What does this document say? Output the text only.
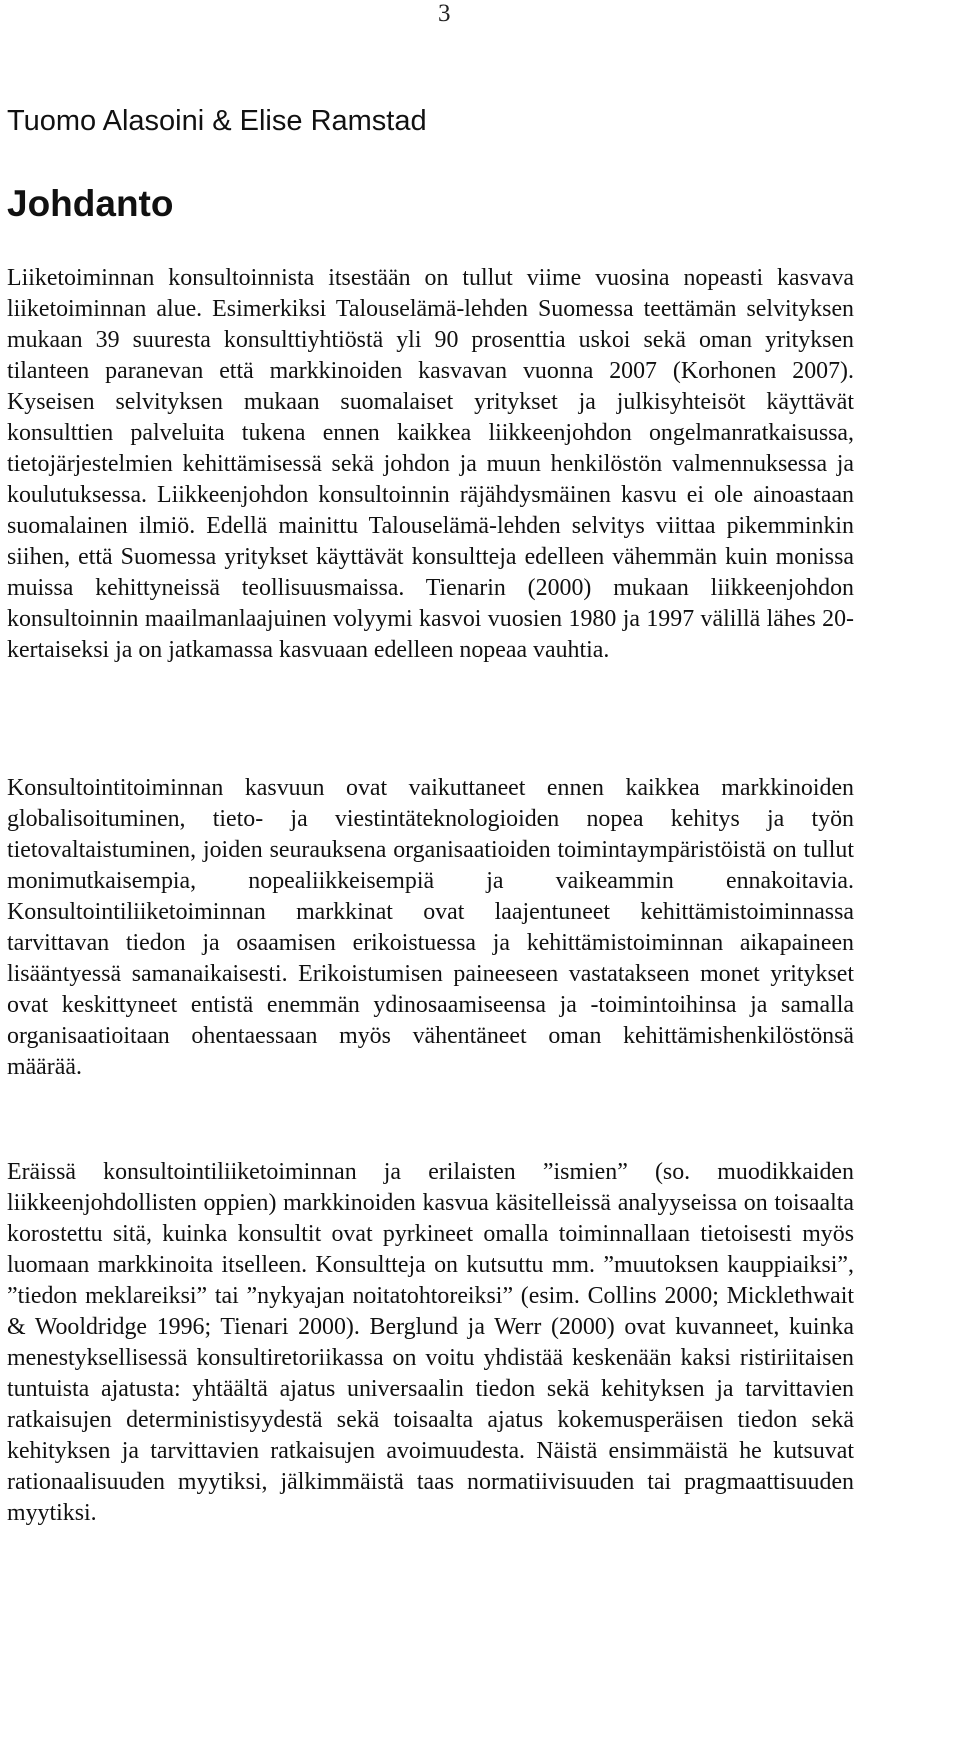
3
Tuomo Alasoini & Elise Ramstad
Johdanto

Liiketoiminnan konsultoinnista itsestään on tullut viime vuosina nopeasti kasvava liiketoiminnan alue. Esimerkiksi Talouselämä-lehden Suomessa teettämän selvityksen mukaan 39 suuresta konsulttiyhtiöstä yli 90 prosenttia uskoi sekä oman yrityksen tilanteen paranevan että markkinoiden kasvavan vuonna 2007 (Korhonen 2007). Kyseisen selvityksen mukaan suomalaiset yritykset ja julkisyhteisöt käyttävät konsulttien palveluita tukena ennen kaikkea liikkeenjohdon ongelmanratkaisussa, tietojärjestelmien kehittämisessä sekä johdon ja muun henkilöstön valmennuksessa ja koulutuksessa. Liikkeenjohdon konsultoinnin räjähdysmäinen kasvu ei ole ainoastaan suomalainen ilmiö. Edellä mainittu Talouselämä-lehden selvitys viittaa pikemminkin siihen, että Suomessa yritykset käyttävät konsultteja edelleen vähemmän kuin monissa muissa kehittyneissä teollisuusmaissa. Tienarin (2000) mukaan liikkeenjohdon konsultoinnin maailmanlaajuinen volyymi kasvoi vuosien 1980 ja 1997 välillä lähes 20-kertaiseksi ja on jatkamassa kasvuaan edelleen nopeaa vauhtia.

Konsultointitoiminnan kasvuun ovat vaikuttaneet ennen kaikkea markkinoiden globalisoituminen, tieto- ja viestintäteknologioiden nopea kehitys ja työn tietovaltaistuminen, joiden seurauksena organisaatioiden toimintaympäristöistä on tullut monimutkaisempia, nopealiikkeisempiä ja vaikeammin ennakoitavia. Konsultointiliiketoiminnan markkinat ovat laajentuneet kehittämistoiminnassa tarvittavan tiedon ja osaamisen erikoistuessa ja kehittämistoiminnan aikapaineen lisääntyessä samanaikaisesti. Erikoistumisen paineeseen vastatakseen monet yritykset ovat keskittyneet entistä enemmän ydinosaamiseensa ja -toimintoihinsa ja samalla organisaatioitaan ohentaessaan myös vähentäneet oman kehittämishenkilöstönsä määrää.

Eräissä konsultointiliiketoiminnan ja erilaisten ”ismien” (so. muodikkaiden liikkeenjohdollisten oppien) markkinoiden kasvua käsitelleissä analyyseissa on toisaalta korostettu sitä, kuinka konsultit ovat pyrkineet omalla toiminnallaan tietoisesti myös luomaan markkinoita itselleen. Konsultteja on kutsuttu mm. ”muutoksen kauppiaiksi”, ”tiedon meklareiksi” tai ”nykyajan noitatohtoreiksi” (esim. Collins 2000; Micklethwait & Wooldridge 1996; Tienari 2000). Berglund ja Werr (2000) ovat kuvanneet, kuinka menestyksellisessä konsultiretoriikassa on voitu yhdistää keskenään kaksi ristiriitaisen tuntuista ajatusta: yhtäältä ajatus universaalin tiedon sekä kehityksen ja tarvittavien ratkaisujen deterministisyydestä sekä toisaalta ajatus kokemusperäisen tiedon sekä kehityksen ja tarvittavien ratkaisujen avoimuudesta. Näistä ensimmäistä he kutsuvat rationaalisuuden myytiksi, jälkimmäistä taas normatiivisuuden tai pragmaattisuuden myytiksi.
